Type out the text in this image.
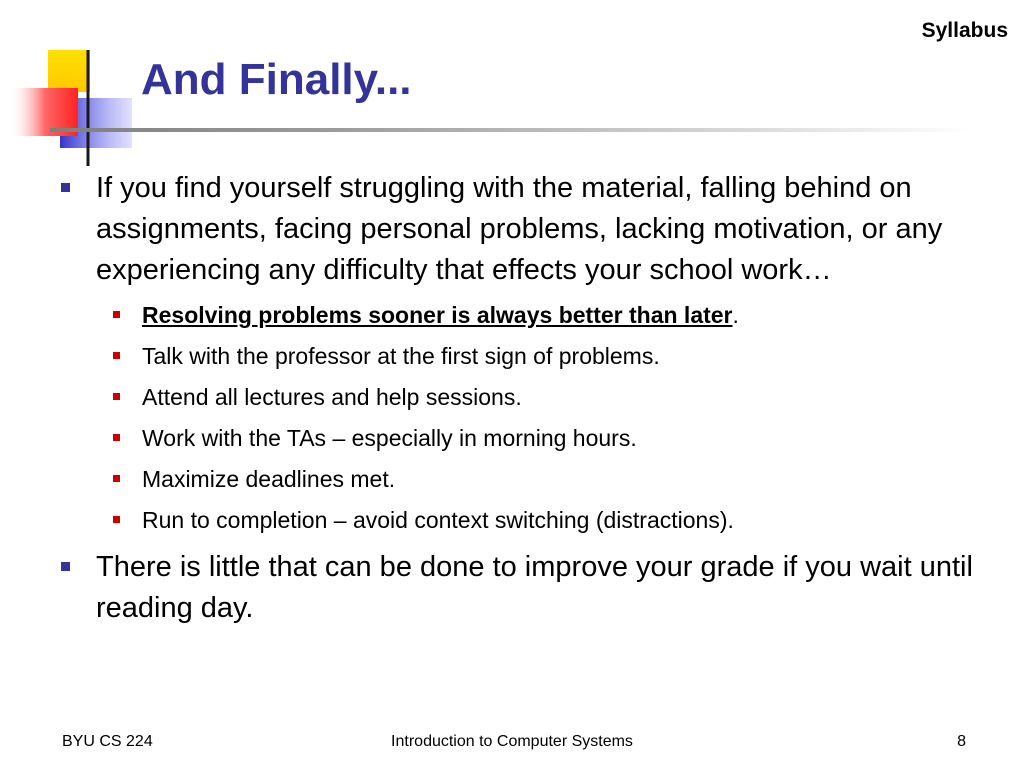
Syllabus
And Finally...
If you find yourself struggling with the material, falling behind on assignments, facing personal problems, lacking motivation, or any experiencing any difficulty that effects your school work…
Resolving problems sooner is always better than later.
Talk with the professor at the first sign of problems.
Attend all lectures and help sessions.
Work with the TAs – especially in morning hours.
Maximize deadlines met.
Run to completion – avoid context switching (distractions).
There is little that can be done to improve your grade if you wait until reading day.
BYU CS 224	Introduction to Computer Systems	8
